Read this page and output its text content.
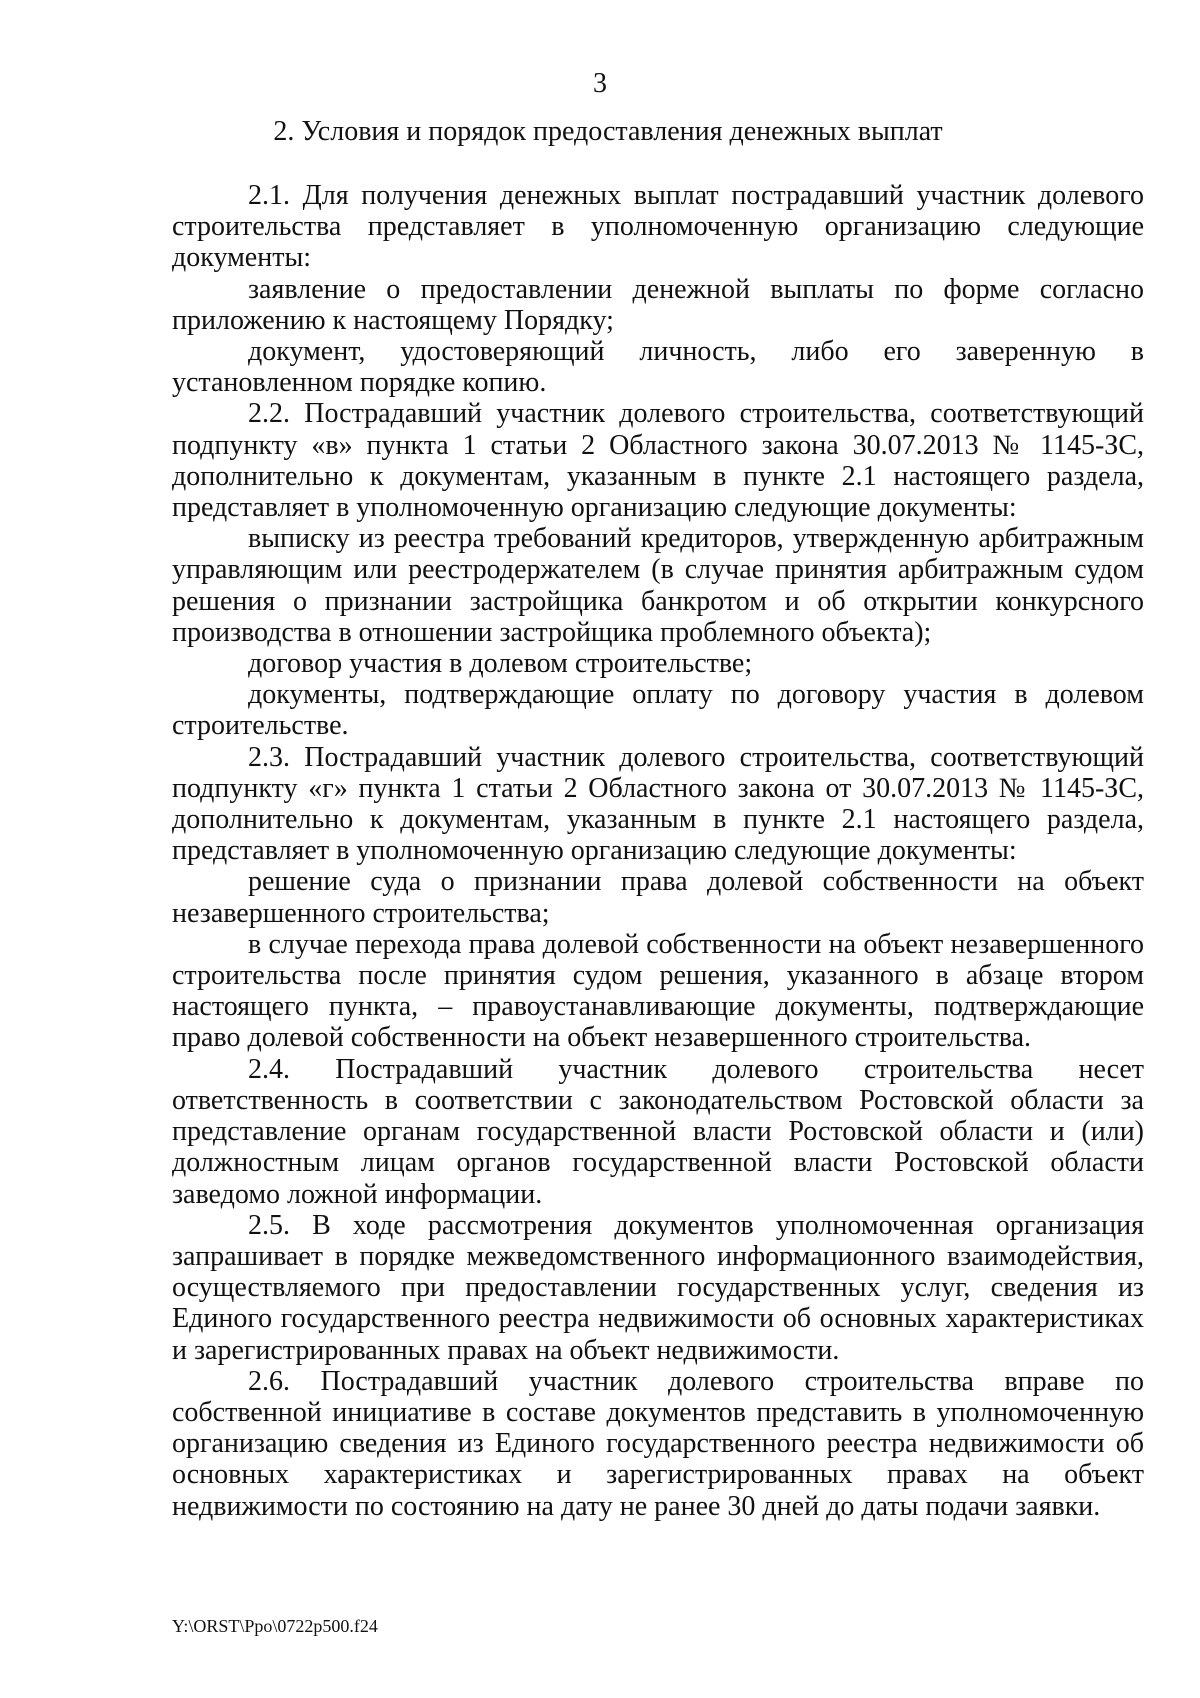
3
2. Условия и порядок предоставления денежных выплат

2.1. Для получения денежных выплат пострадавший участник долевого строительства представляет в уполномоченную организацию следующие документы:

заявление о предоставлении денежной выплаты по форме согласно приложению к настоящему Порядку;

документ, удостоверяющий личность, либо его заверенную в установленном порядке копию.

2.2. Пострадавший участник долевого строительства, соответствующий подпункту «в» пункта 1 статьи 2 Областного закона 30.07.2013 № 1145-ЗС, дополнительно к документам, указанным в пункте 2.1 настоящего раздела, представляет в уполномоченную организацию следующие документы:

выписку из реестра требований кредиторов, утвержденную арбитражным управляющим или реестродержателем (в случае принятия арбитражным судом решения о признании застройщика банкротом и об открытии конкурсного производства в отношении застройщика проблемного объекта);

договор участия в долевом строительстве;

документы, подтверждающие оплату по договору участия в долевом строительстве.

2.3. Пострадавший участник долевого строительства, соответствующий подпункту «г» пункта 1 статьи 2 Областного закона от 30.07.2013 № 1145-ЗС, дополнительно к документам, указанным в пункте 2.1 настоящего раздела, представляет в уполномоченную организацию следующие документы:

решение суда о признании права долевой собственности на объект незавершенного строительства;

в случае перехода права долевой собственности на объект незавершенного строительства после принятия судом решения, указанного в абзаце втором настоящего пункта, – правоустанавливающие документы, подтверждающие право долевой собственности на объект незавершенного строительства.

2.4. Пострадавший участник долевого строительства несет ответственность в соответствии с законодательством Ростовской области за представление органам государственной власти Ростовской области и (или) должностным лицам органов государственной власти Ростовской области заведомо ложной информации.

2.5. В ходе рассмотрения документов уполномоченная организация запрашивает в порядке межведомственного информационного взаимодействия, осуществляемого при предоставлении государственных услуг, сведения из Единого государственного реестра недвижимости об основных характеристиках и зарегистрированных правах на объект недвижимости.

2.6. Пострадавший участник долевого строительства вправе по собственной инициативе в составе документов представить в уполномоченную организацию сведения из Единого государственного реестра недвижимости об основных характеристиках и зарегистрированных правах на объект недвижимости по состоянию на дату не ранее 30 дней до даты подачи заявки.

Y:\ORST\Ppo\0722p500.f24
